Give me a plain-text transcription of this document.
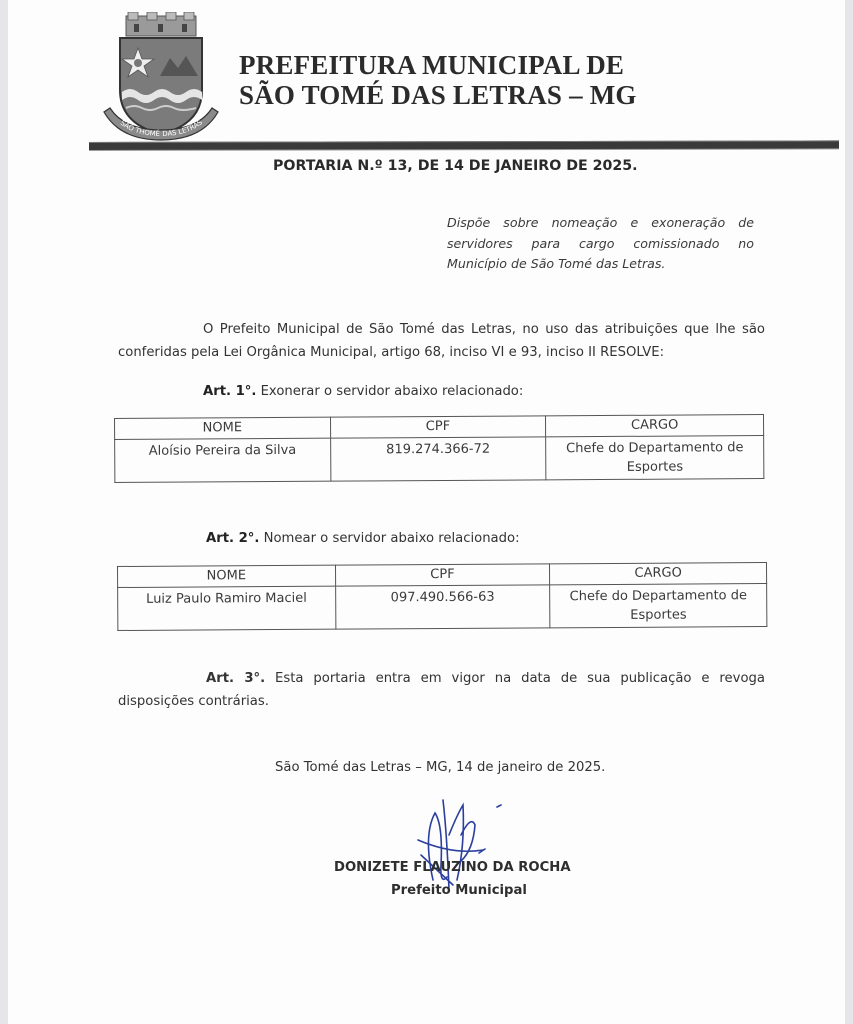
SÃO THOMÉ DAS LETRAS
PREFEITURA MUNICIPAL DE
SÃO TOMÉ DAS LETRAS – MG
PORTARIA N.º 13, DE 14 DE JANEIRO DE 2025.
Dispõe sobre nomeação e exoneração de servidores para cargo comissionado no Município de São Tomé das Letras.
O Prefeito Municipal de São Tomé das Letras, no uso das atribuições que lhe são conferidas pela Lei Orgânica Municipal, artigo 68, inciso VI e 93, inciso II RESOLVE:
Art. 1°. Exonerar o servidor abaixo relacionado:
NOME	CPF	CARGO
Aloísio Pereira da Silva	819.274.366-72	Chefe do Departamento de Esportes
Art. 2°. Nomear o servidor abaixo relacionado:
NOME	CPF	CARGO
Luiz Paulo Ramiro Maciel	097.490.566-63	Chefe do Departamento de Esportes
Art. 3°. Esta portaria entra em vigor na data de sua publicação e revoga disposições contrárias.
São Tomé das Letras – MG, 14 de janeiro de 2025.
DONIZETE FLAUZINO DA ROCHA
Prefeito Municipal
